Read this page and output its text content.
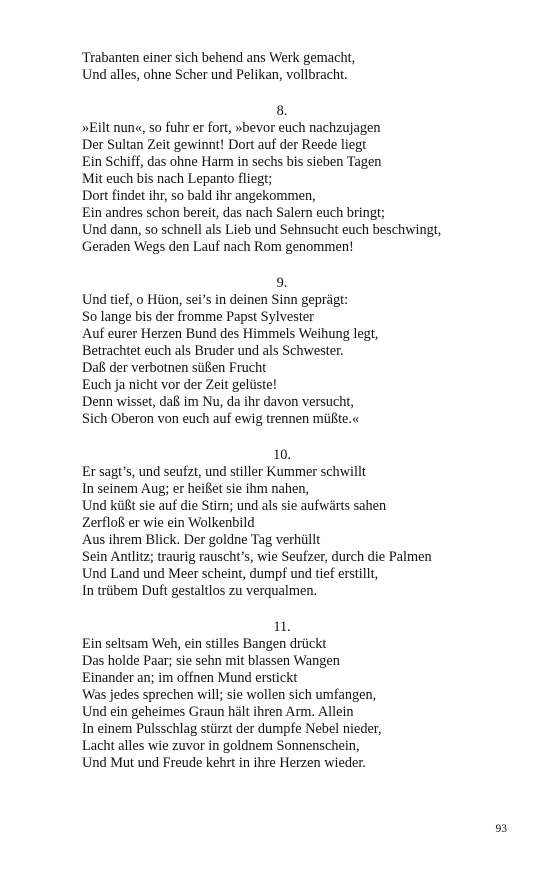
Trabanten einer sich behend ans Werk gemacht,
Und alles, ohne Scher und Pelikan, vollbracht.
8.
»Eilt nun«, so fuhr er fort, »bevor euch nachzujagen
Der Sultan Zeit gewinnt! Dort auf der Reede liegt
Ein Schiff, das ohne Harm in sechs bis sieben Tagen
Mit euch bis nach Lepanto fliegt;
Dort findet ihr, so bald ihr angekommen,
Ein andres schon bereit, das nach Salern euch bringt;
Und dann, so schnell als Lieb und Sehnsucht euch beschwingt,
Geraden Wegs den Lauf nach Rom genommen!
9.
Und tief, o Hüon, sei’s in deinen Sinn geprägt:
So lange bis der fromme Papst Sylvester
Auf eurer Herzen Bund des Himmels Weihung legt,
Betrachtet euch als Bruder und als Schwester.
Daß der verbotnen süßen Frucht
Euch ja nicht vor der Zeit gelüste!
Denn wisset, daß im Nu, da ihr davon versucht,
Sich Oberon von euch auf ewig trennen müßte.«
10.
Er sagt’s, und seufzt, und stiller Kummer schwillt
In seinem Aug; er heißet sie ihm nahen,
Und küßt sie auf die Stirn; und als sie aufwärts sahen
Zerfloß er wie ein Wolkenbild
Aus ihrem Blick. Der goldne Tag verhüllt
Sein Antlitz; traurig rauscht’s, wie Seufzer, durch die Palmen
Und Land und Meer scheint, dumpf und tief erstillt,
In trübem Duft gestaltlos zu verqualmen.
11.
Ein seltsam Weh, ein stilles Bangen drückt
Das holde Paar; sie sehn mit blassen Wangen
Einander an; im offnen Mund erstickt
Was jedes sprechen will; sie wollen sich umfangen,
Und ein geheimes Graun hält ihren Arm. Allein
In einem Pulsschlag stürzt der dumpfe Nebel nieder,
Lacht alles wie zuvor in goldnem Sonnenschein,
Und Mut und Freude kehrt in ihre Herzen wieder.
93
